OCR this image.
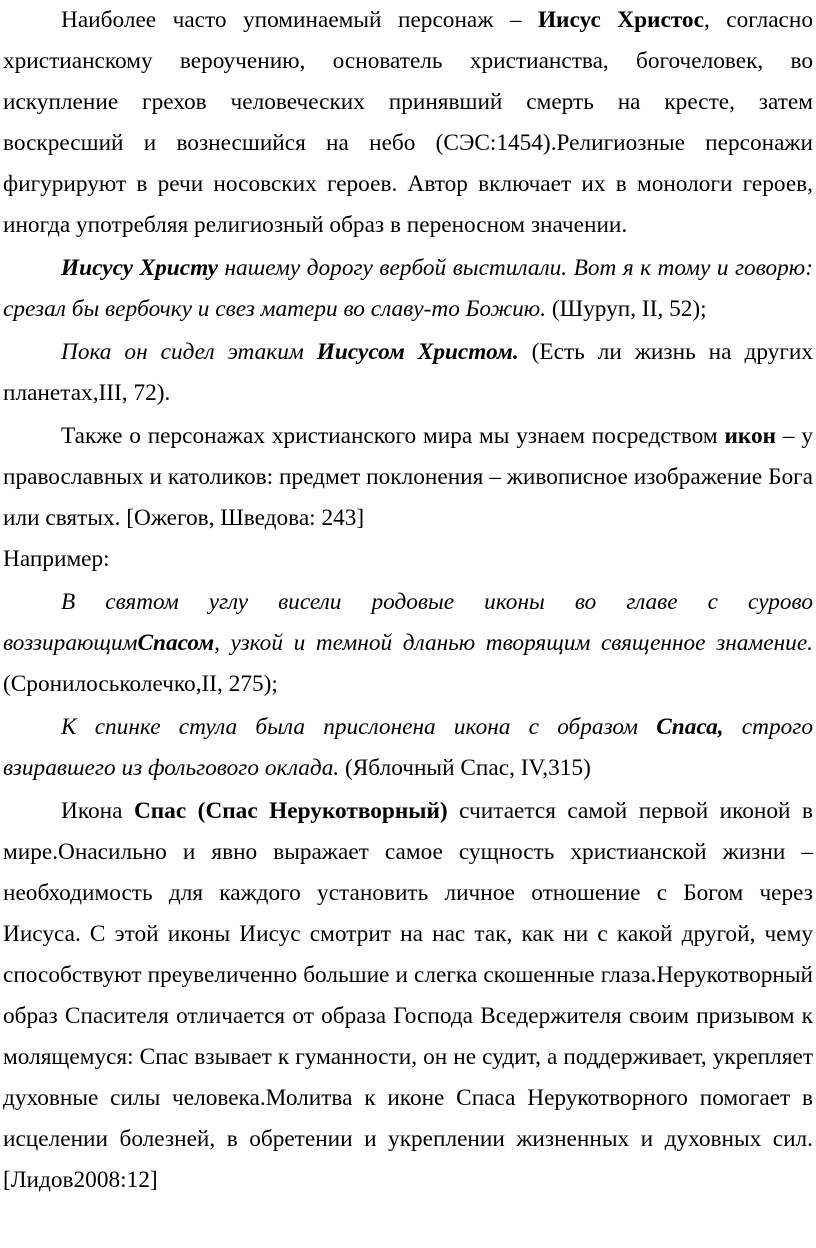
Наиболее часто упоминаемый персонаж – Иисус Христос, согласно христианскому вероучению, основатель христианства, богочеловек, во искупление грехов человеческих принявший смерть на кресте, затем воскресший и вознесшийся на небо (СЭС:1454).Религиозные персонажи фигурируют в речи носовских героев. Автор включает их в монологи героев, иногда употребляя религиозный образ в переносном значении.

Иисусу Христу нашему дорогу вербой выстилали. Вот я к тому и говорю: срезал бы вербочку и свез матери во славу-то Божию. (Шуруп, II, 52);

Пока он сидел этаким Иисусом Христом. (Есть ли жизнь на других планетах,III, 72).

Также о персонажах христианского мира мы узнаем посредством икон – у православных и католиков: предмет поклонения – живописное изображение Бога или святых. [Ожегов, Шведова: 243]

Например:

В святом углу висели родовые иконы во главе с сурово воззирающимСпасом, узкой и темной дланью творящим священное знамение. (Сронилоськолечко,II, 275);

К спинке стула была прислонена икона с образом Спаса, строго взиравшего из фольгового оклада. (Яблочный Спас, IV,315)

Икона Спас (Спас Нерукотворный) считается самой первой иконой в мире.Онасильно и явно выражает самое сущность христианской жизни – необходимость для каждого установить личное отношение с Богом через Иисуса. С этой иконы Иисус смотрит на нас так, как ни с какой другой, чему способствуют преувеличенно большие и слегка скошенные глаза.Нерукотворный образ Спасителя отличается от образа Господа Вседержителя своим призывом к молящемуся: Спас взывает к гуманности, он не судит, а поддерживает, укрепляет духовные силы человека.Молитва к иконе Спаса Нерукотворного помогает в исцелении болезней, в обретении и укреплении жизненных и духовных сил.[Лидов2008:12]
